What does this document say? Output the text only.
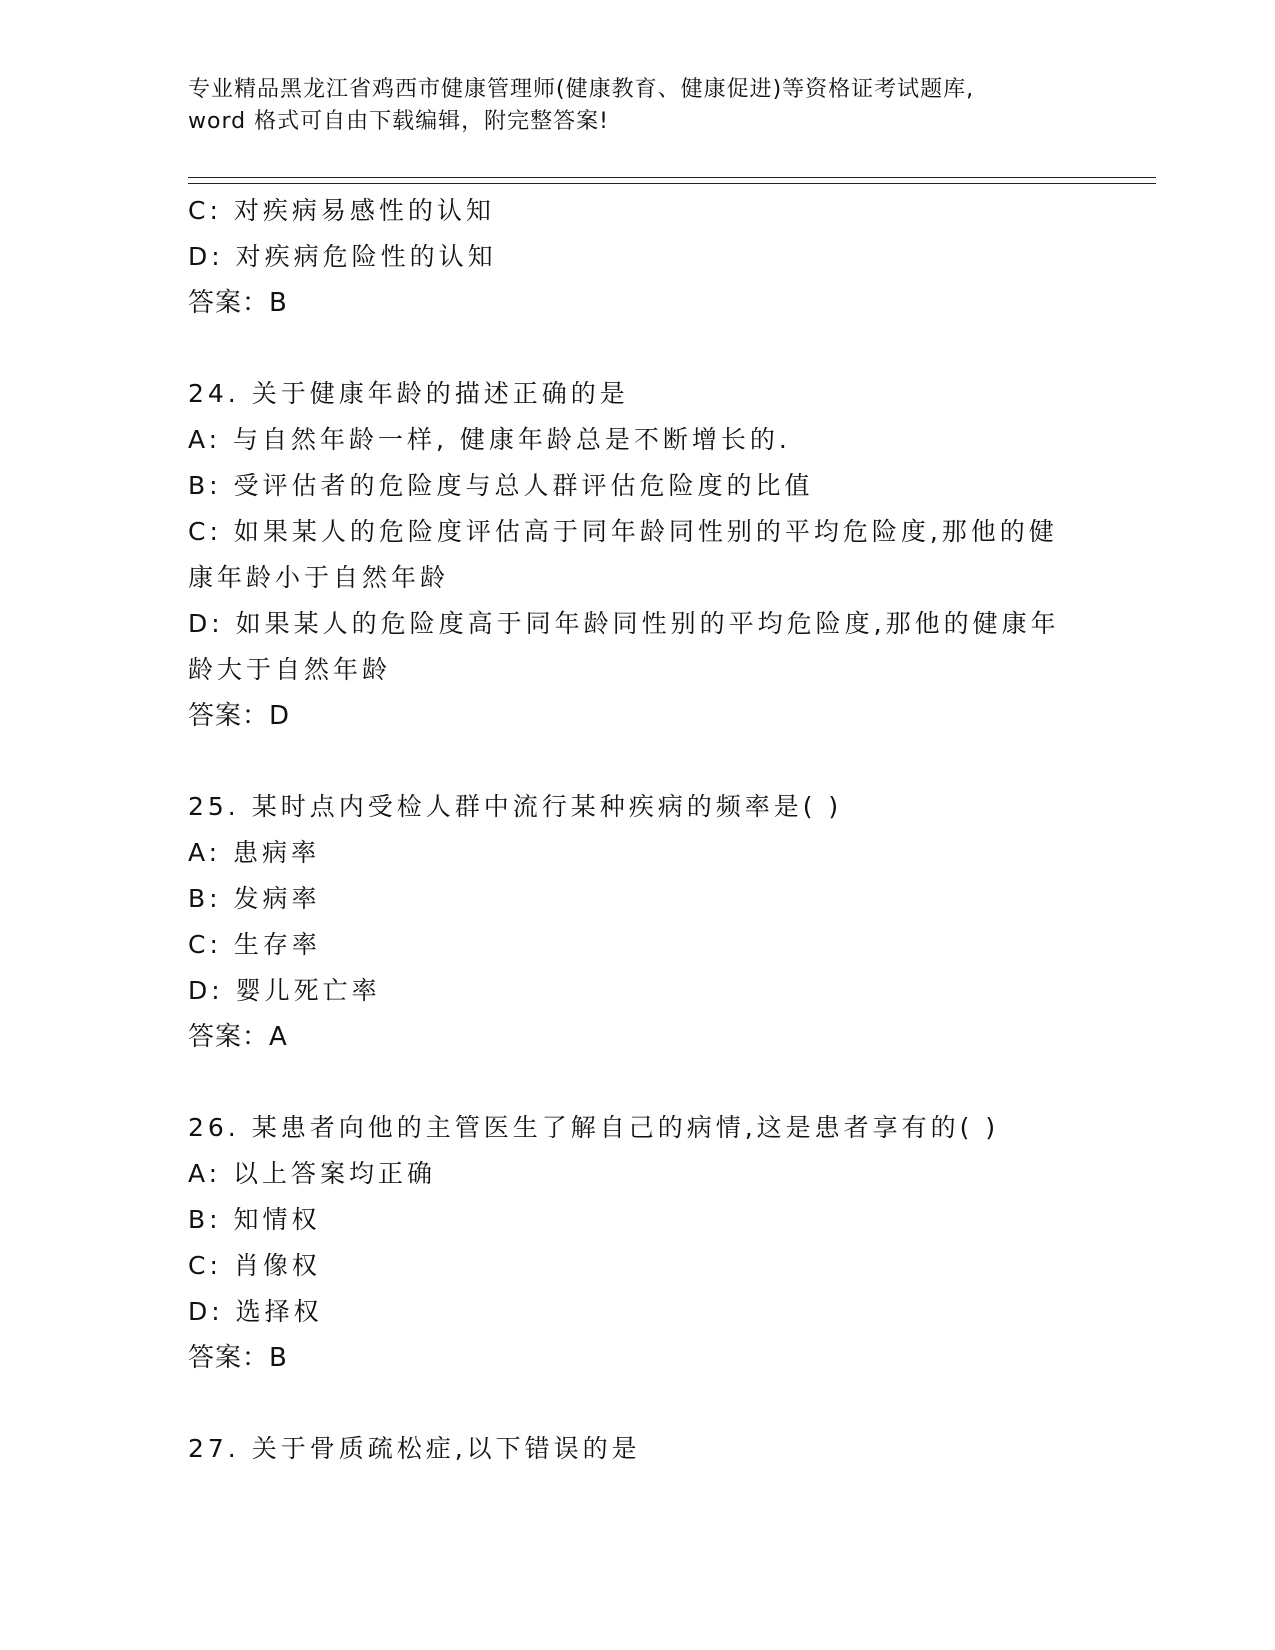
专业精品黑龙江省鸡西市健康管理师(健康教育、健康促进)等资格证考试题库,
word 格式可自由下载编辑，附完整答案!
C: 对疾病易感性的认知
D: 对疾病危险性的认知
答案：B
24. 关于健康年龄的描述正确的是
A: 与自然年龄一样, 健康年龄总是不断增长的.
B: 受评估者的危险度与总人群评估危险度的比值
C: 如果某人的危险度评估高于同年龄同性别的平均危险度,那他的健
康年龄小于自然年龄
D: 如果某人的危险度高于同年龄同性别的平均危险度,那他的健康年
龄大于自然年龄
答案：D
25. 某时点内受检人群中流行某种疾病的频率是( )
A: 患病率
B: 发病率
C: 生存率
D: 婴儿死亡率
答案：A
26. 某患者向他的主管医生了解自己的病情,这是患者享有的( )
A: 以上答案均正确
B: 知情权
C: 肖像权
D: 选择权
答案：B
27. 关于骨质疏松症,以下错误的是
